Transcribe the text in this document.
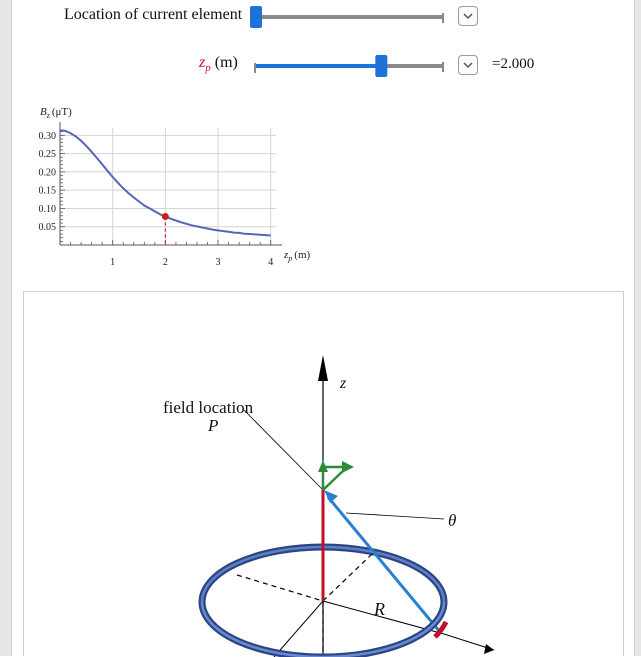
Location of current element
$z_p$ (m)	=2.000
1	2	3	4
0.05
0.10
0.15
0.20
0.25
0.30
$B_z$ (μT)
$z_p$ (m)
z
field location
P
θ
R
